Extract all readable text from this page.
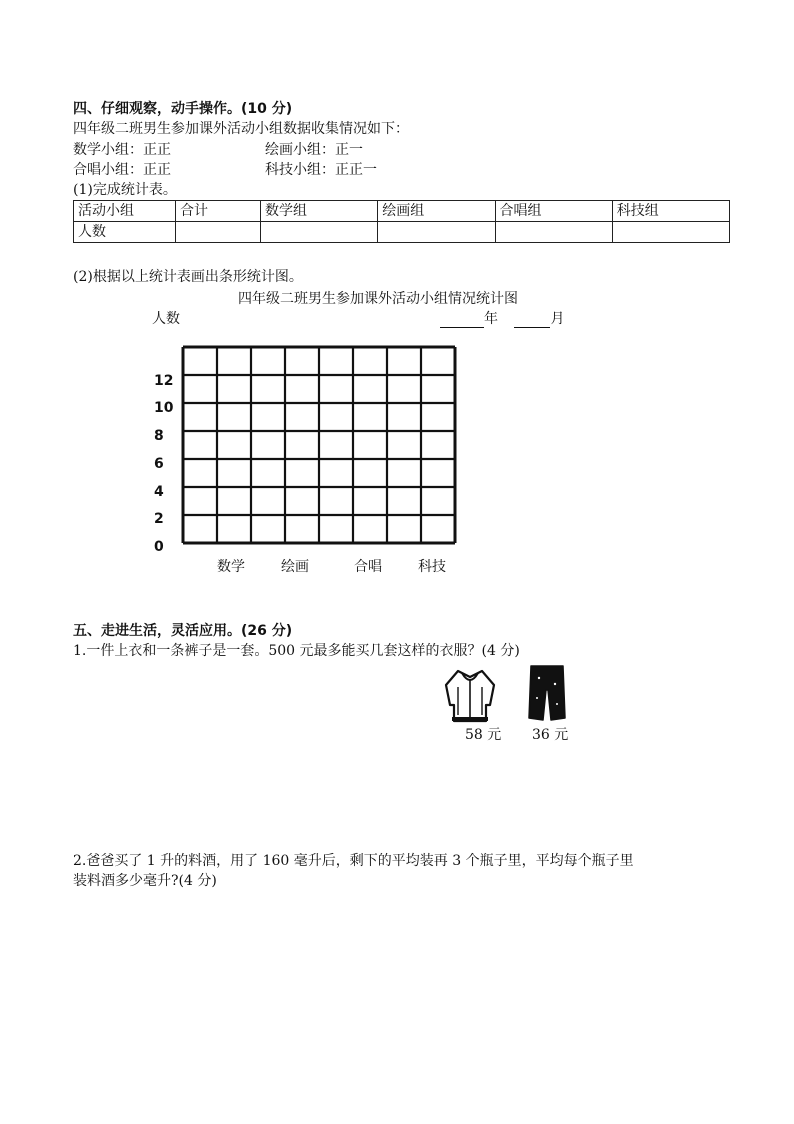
四、仔细观察，动手操作。(10 分)
四年级二班男生参加课外活动小组数据收集情况如下：
数学小组：正正	绘画小组：正一
合唱小组：正正	科技小组：正正一
(1)完成统计表。
活动小组	合计	数学组	绘画组	合唱组	科技组
人数					
(2)根据以上统计表画出条形统计图。
四年级二班男生参加课外活动小组情况统计图
人数	年	月
0
2
4
6
8
10
12
数学	绘画	合唱	科技
五、走进生活，灵活应用。(26 分)
1.一件上衣和一条裤子是一套。500 元最多能买几套这样的衣服？(4 分)
58 元 36 元
2.爸爸买了 1 升的料酒，用了 160 毫升后，剩下的平均装再 3 个瓶子里，平均每个瓶子里
装料酒多少毫升?(4 分)
